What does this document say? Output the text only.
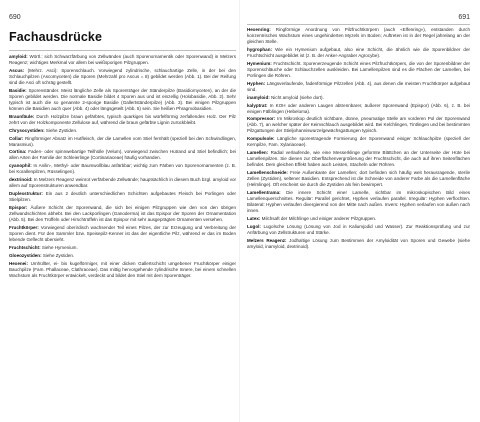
690
Fachausdrücke

amyloid: Wörtl.: sich Schwarzfärbung von Zellwänden (auch Sporenornamentik oder Sporenwand) in Melzers Reagenz; wichtiges Merkmal vor allem bei weißsporigen Pilzgruppen.

Ascus: (Mehrz. Asci): Sporenschlauch. Vorwiegend zylindrische, schlauchartige Zelle, in der bei den Schlauchpilzen (Ascomyceten) die Sporen (Mehrzahl pro Ascus = 8) gebildet werden (Abb. 1). Bei der Reifung sind die Asci oft schräg gestellt.

Basidie: Sporenständer. Meist längliche Zelle als Sporenträger der Ständerpilze (Basidiomyceten), an der die Sporen gebildet werden. Die normale Basidie bildet 4 Sporen aus und ist einzellig (Holobasidie, Abb. 2). Sehr typisch ist auch die so genannte 2-sporige Basidie (Gallertständerpilze) (Abb. 3). Bei einigen Pilzgruppen können die Basidien auch quer (Abb. 4) oder längsgeteilt (Abb. 5) sein. Sie heißen Phragmobasidien.

Braunfäule: Durch Holzpilze braun gefärbtes, typisch quarkiges bis würfelförmig zerfallendes Holz. Der Pilz zehrt von der Holzkomponente Zellulose auf, während die braun gefärbte Lignin zurückbleibt.

Chrysocystiden: Siehe Zystiden.

Collar: Ringförmiger Absatz im Hutfleisch, der die Lamellen vom Stiel fernhält (speziell bei den Schwindlingen, Marasmius).

Cortina: Faden- oder spinnwebartige Teilhülle (Velum), vorwiegend zwischen Hutrand und Stiel befindlich; bei allen Arten der Familie der Schleierlinge (Cortinariaceae) häufig vorhanden.

cyanophil: In Anilin-, Methyl- oder Baumwollblau anfärbbar; wichtig zum Färben von Sporenornamenten (z. B. bei Korallenpilzen, Rüsselingen).

dextrinoid: In Melzers Reagenz weinrot verfärbende Zellwände; hauptsächlich in diesem Buch bzgl. amyloid vor allem auf Sporenstrukturen anwendbar.

Duplexstruktur: Ein aus 2 deutlich unterschiedlichen Schichten aufgebautes Fleisch bei Porlingen oder Stielpilzen.

Epispor: Äußere Schicht der Sporenwand, die sich bei einigen Pilzgruppen wie den von den übrigen Zellwandschichten abhebt. Bei den Lackporlingen (Ganoderma) ist das Epispor der Sporen der Ornamentation (Abb. 5). Bei den Trüffeln oder Hirschtrüffeln ist das Epispor mit sehr ausgeprägten Ornamenten versehen.

Fruchtkörper: Vorwiegend oberirdisch wachsender Teil eines Pilzes, der zur Erzeugung und Verbreitung der Sporen dient. Für den Sammler bzw. Speisepilz-Kenner ist das der eigentliche Pilz, während er das im Boden lebende Geflecht übersieht.

Fruchtschicht: Siehe Hymenium.

Gloeozystiden: Siehe Zystiden.

Hexenei: Umhüllter, ei- bis kugelförmiger, mit einer dicken Gallertschicht umgebener Fruchtkörper einiger Bauchpilze (Fam. Phallaceae, Clathraceae). Das mittig hervorgehende zylindrische Innere, bei einem schnellen Wachstum als Fruchtkörper entwickelt, verdeckt und bildet den Stiel mit dem Sporenträger.

691

Hexenring: Ringförmige Anordnung von Pilzfruchtkörpern (auch «Elfenring»), entstanden durch konzentrisches Wachstum eines ungehinderten Myzels im Boden; Auftreten ist in der Regel jahrelang an der gleichen Stelle.

hygrophan: Wie ein Hymenium aufgebaut, also eine Schicht, die ähnlich wie die Sporenbildner der Fruchtschicht ausgebildet ist (z. B. der Anker-Angraber Agrocybe).

Hymenium: Fruchtschicht. Sporenerzeugende Schicht eines Pilzfruchtkörpers, die von der Sporenbildner der Sporenschläuche oder Schlauchzellen auskleiden. Bei Lamellenpilzen sind es die Flächen der Lamellen, bei Porlingen die Röhren.

Hyphen: Längsverlaufende, fadenförmige Pilzzellen (Abb. 4), aus denen die meisten Fruchtkörper aufgebaut sind.

inamyloid: Nicht amyloid (siehe dort).

kalyptrat: In KOH oder anderen Laugen abtrennbarer, äußerer Sporenwand (Epispor) (Abb. 6), z. B. bei einigen Fälblingen (Hebeloma).

Kompressor: Im Mikroskop deutlich sichtbare, dünne, pneumatige Stelle am vorderen Pol der Sporenwand (Abb. 7), an welcher später der Keimschlauch ausgebildet wird. Bei Kelchlingen, Tintlingen und bei bestimmten Pilzgattungen der Stieljohanniswurzelgewächsgattungen typisch.

Kompulsole: Längliche sporentragende Formierung der Sporenwand einiger Schlauchpilze (speziell der Kernpilze, Fam. Xylariaceae).

Lamellen: Radial verlaufende, wie eine Messerklinge geformte Blättchen an der Unterseite der Hüte bei Lamellenpilzen. Sie dienen zur Oberflächenvergrößerung der Fruchtschicht, die auch auf ihren Seitenflächen befindet. Dem gleichen Effekt haben auch Leisten, Stacheln oder Röhren.

Lamellenschneide: Freie Außenkante der Lamellen; dort befinden sich häufig weit herausragende, sterile Zellen (Zystiden), seltener Basidien. Entsprechend ist die Schneide von anderer Farbe als die Lamellenfläche (Helmlinge). Oft erscheint sie durch die Zystiden als fein bewimpert.

Lamellentrama: Die innere Schicht einer Lamelle, sichtbar im mikroskopischen Bild eines Lamellenquerschnittes. Regulär: Parallel gerichtet, Hyphen verlaufen parallel. Irregulär: Hyphen verflochten. Bilateral: Hyphen verlaufen divergierend von der Mitte nach außen. Invers: Hyphen verlaufen von außen nach innen.

Latex: Milchsaft der Milchlinge und einiger anderer Pilzgruppen.

Lugol: Lugolsche Lösung (Lösung von Jod in Kaliumjodid und Wasser). Zur Reaktionsprüfung und zur Anfärbung von Zellstrukturen und Stärke.

Melzers Reagenz: Jodhaltige Lösung zum Bestimmen der Amyloidität von Sporen und Gewebe (siehe amyloid, inamyloid, dextrinoid).
